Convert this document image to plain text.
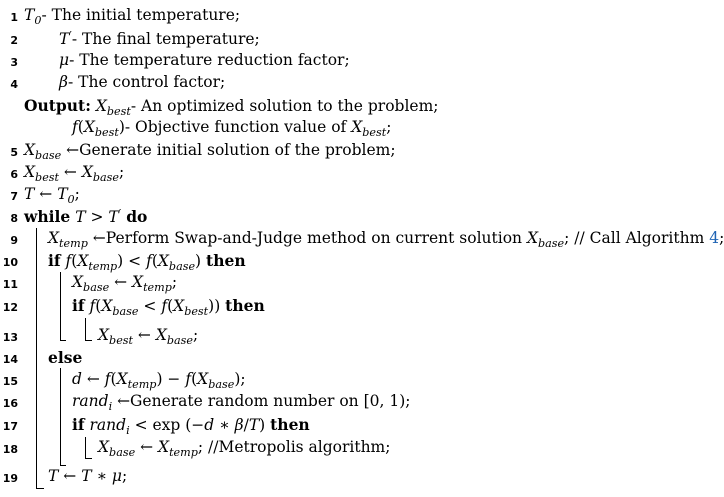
1 $T_0-$ The initial temperature;
2	T′- The final temperature;
3	μ- The temperature reduction factor;
4	β- The control factor;
Output: $X_{best}-$ An optimized solution to the problem;
$f(X_{best})-$ Objective function value of $X_{best}$;
5 $X_{base}$ ←Generate initial solution of the problem;
6 $X_{best}$ ← $X_{base}$;
7 T ← $T_0$;
8 while T > T′ do
9 $X_{temp}$ ←Perform Swap-and-Judge method on current solution $X_{base}$; // Call Algorithm 4;
10 if $f(X_{temp}) < f(X_{base})$ then
11	$X_{base}$ ← $X_{temp}$;
12	if $f(X_{base} < f(X_{best}))$ then
13	$X_{best}$ ← $X_{base}$;
14 else
15	d ← $f(X_{temp}) - f(X_{base})$;
16	rand$_i$ ←Generate random number on [0, 1);
17	if rand$_i$ < exp (−d ∗ β/T) then
18	$X_{base}$ ← $X_{temp}$; //Metropolis algorithm;
19 T ← T ∗ μ;
